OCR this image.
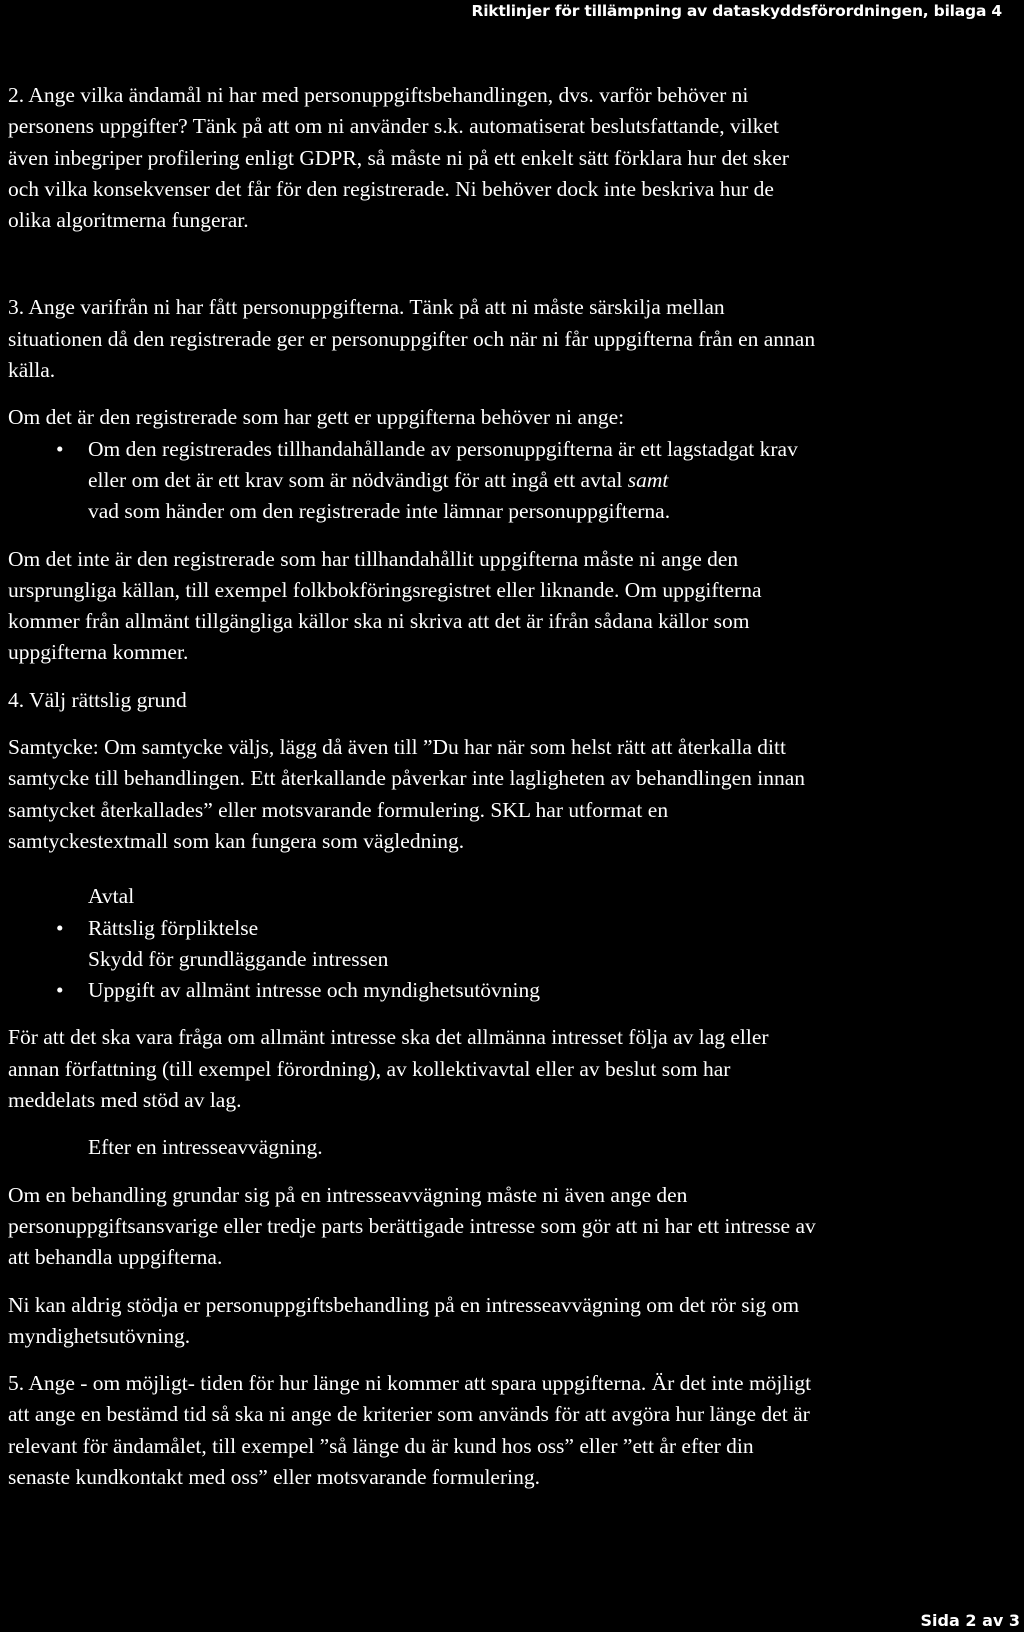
Riktlinjer för tillämpning av dataskyddsförordningen, bilaga 4

2. Ange vilka ändamål ni har med personuppgiftsbehandlingen, dvs. varför behöver ni
personens uppgifter? Tänk på att om ni använder s.k. automatiserat beslutsfattande, vilket
även inbegriper profilering enligt GDPR, så måste ni på ett enkelt sätt förklara hur det sker
och vilka konsekvenser det får för den registrerade. Ni behöver dock inte beskriva hur de
olika algoritmerna fungerar.

3. Ange varifrån ni har fått personuppgifterna. Tänk på att ni måste särskilja mellan
situationen då den registrerade ger er personuppgifter och när ni får uppgifterna från en annan
källa.

Om det är den registrerade som har gett er uppgifterna behöver ni ange:

• Om den registrerades tillhandahållande av personuppgifterna är ett lagstadgat krav
eller om det är ett krav som är nödvändigt för att ingå ett avtal samt
vad som händer om den registrerade inte lämnar personuppgifterna.

Om det inte är den registrerade som har tillhandahållit uppgifterna måste ni ange den
ursprungliga källan, till exempel folkbokföringsregistret eller liknande. Om uppgifterna
kommer från allmänt tillgängliga källor ska ni skriva att det är ifrån sådana källor som
uppgifterna kommer.

4. Välj rättslig grund

Samtycke: Om samtycke väljs, lägg då även till ”Du har när som helst rätt att återkalla ditt
samtycke till behandlingen. Ett återkallande påverkar inte lagligheten av behandlingen innan
samtycket återkallades” eller motsvarande formulering. SKL har utformat en
samtyckestextmall som kan fungera som vägledning.

Avtal
• Rättslig förpliktelse
Skydd för grundläggande intressen
• Uppgift av allmänt intresse och myndighetsutövning

För att det ska vara fråga om allmänt intresse ska det allmänna intresset följa av lag eller
annan författning (till exempel förordning), av kollektivavtal eller av beslut som har
meddelats med stöd av lag.

Efter en intresseavvägning.

Om en behandling grundar sig på en intresseavvägning måste ni även ange den
personuppgiftsansvarige eller tredje parts berättigade intresse som gör att ni har ett intresse av
att behandla uppgifterna.

Ni kan aldrig stödja er personuppgiftsbehandling på en intresseavvägning om det rör sig om
myndighetsutövning.

5. Ange - om möjligt- tiden för hur länge ni kommer att spara uppgifterna. Är det inte möjligt
att ange en bestämd tid så ska ni ange de kriterier som används för att avgöra hur länge det är
relevant för ändamålet, till exempel ”så länge du är kund hos oss” eller ”ett år efter din
senaste kundkontakt med oss” eller motsvarande formulering.

Sida 2 av 3
